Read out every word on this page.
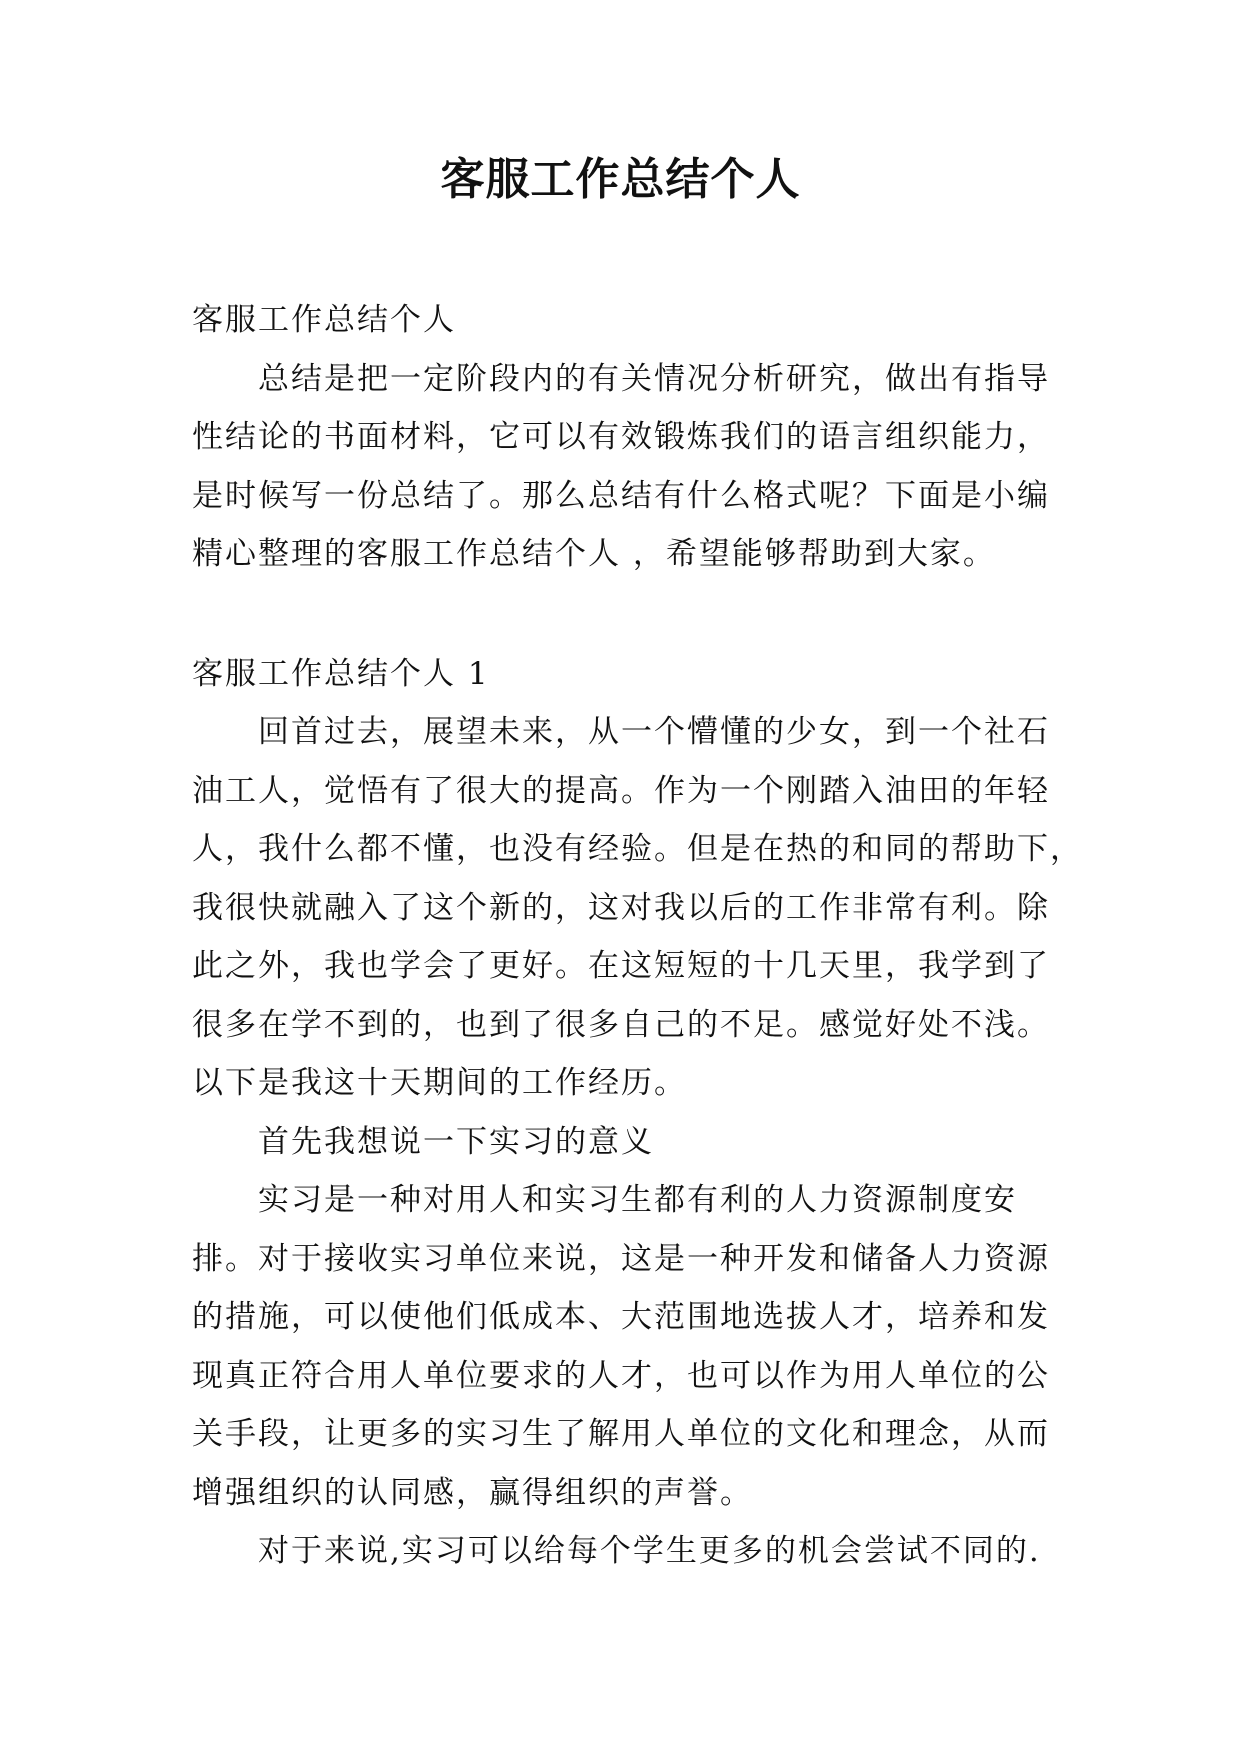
客服工作总结个人
客服工作总结个人
总结是把一定阶段内的有关情况分析研究，做出有指导
性结论的书面材料，它可以有效锻炼我们的语言组织能力，
是时候写一份总结了。那么总结有什么格式呢？下面是小编
精心整理的客服工作总结个人 ，希望能够帮助到大家。
客服工作总结个人 1
回首过去，展望未来，从一个懵懂的少女，到一个社石
油工人，觉悟有了很大的提高。作为一个刚踏入油田的年轻
人，我什么都不懂，也没有经验。但是在热的和同的帮助下，
我很快就融入了这个新的，这对我以后的工作非常有利。除
此之外，我也学会了更好。在这短短的十几天里，我学到了
很多在学不到的，也到了很多自己的不足。感觉好处不浅。
以下是我这十天期间的工作经历。
首先我想说一下实习的意义
实习是一种对用人和实习生都有利的人力资源制度安
排。对于接收实习单位来说，这是一种开发和储备人力资源
的措施，可以使他们低成本、大范围地选拔人才，培养和发
现真正符合用人单位要求的人才，也可以作为用人单位的公
关手段，让更多的实习生了解用人单位的文化和理念，从而
增强组织的认同感，赢得组织的声誉。
对于来说,实习可以给每个学生更多的机会尝试不同的.
